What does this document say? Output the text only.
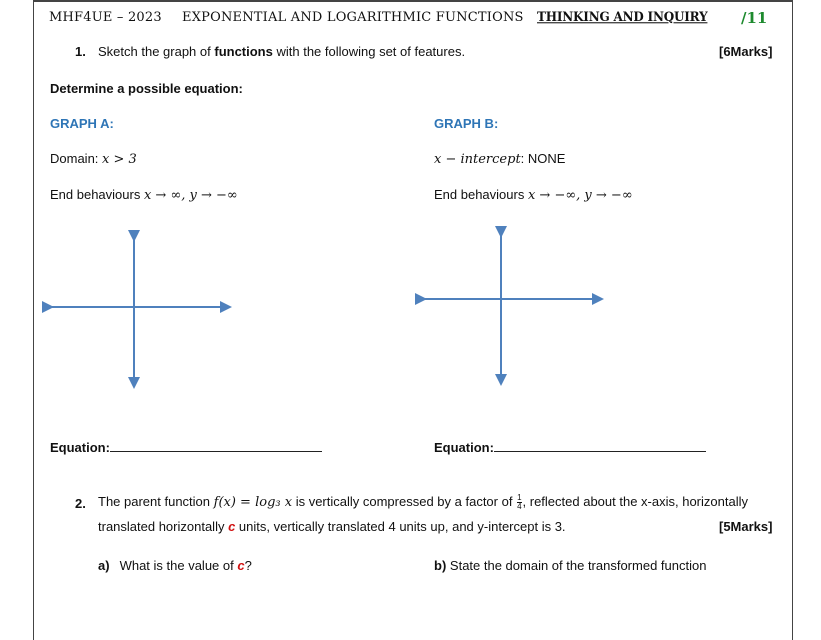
MHF4UE – 2023 EXPONENTIAL AND LOGARITHMIC FUNCTIONS THINKING AND INQUIRY /11
1. Sketch the graph of functions with the following set of features.	[6Marks]
Determine a possible equation:
GRAPH A:	GRAPH B:
Domain: x > 3	x − intercept: NONE
End behaviours x → ∞, y → −∞	End behaviours x → −∞, y → −∞
Equation:	Equation:
2. The parent function f(x) = log₃ x is vertically compressed by a factor of $\frac{1}{4}$ , reflected about the x-axis, horizontally
translated horizontally c units, vertically translated 4 units up, and y-intercept is 3.	[5Marks]
a) What is the value of c?	b) State the domain of the transformed function
